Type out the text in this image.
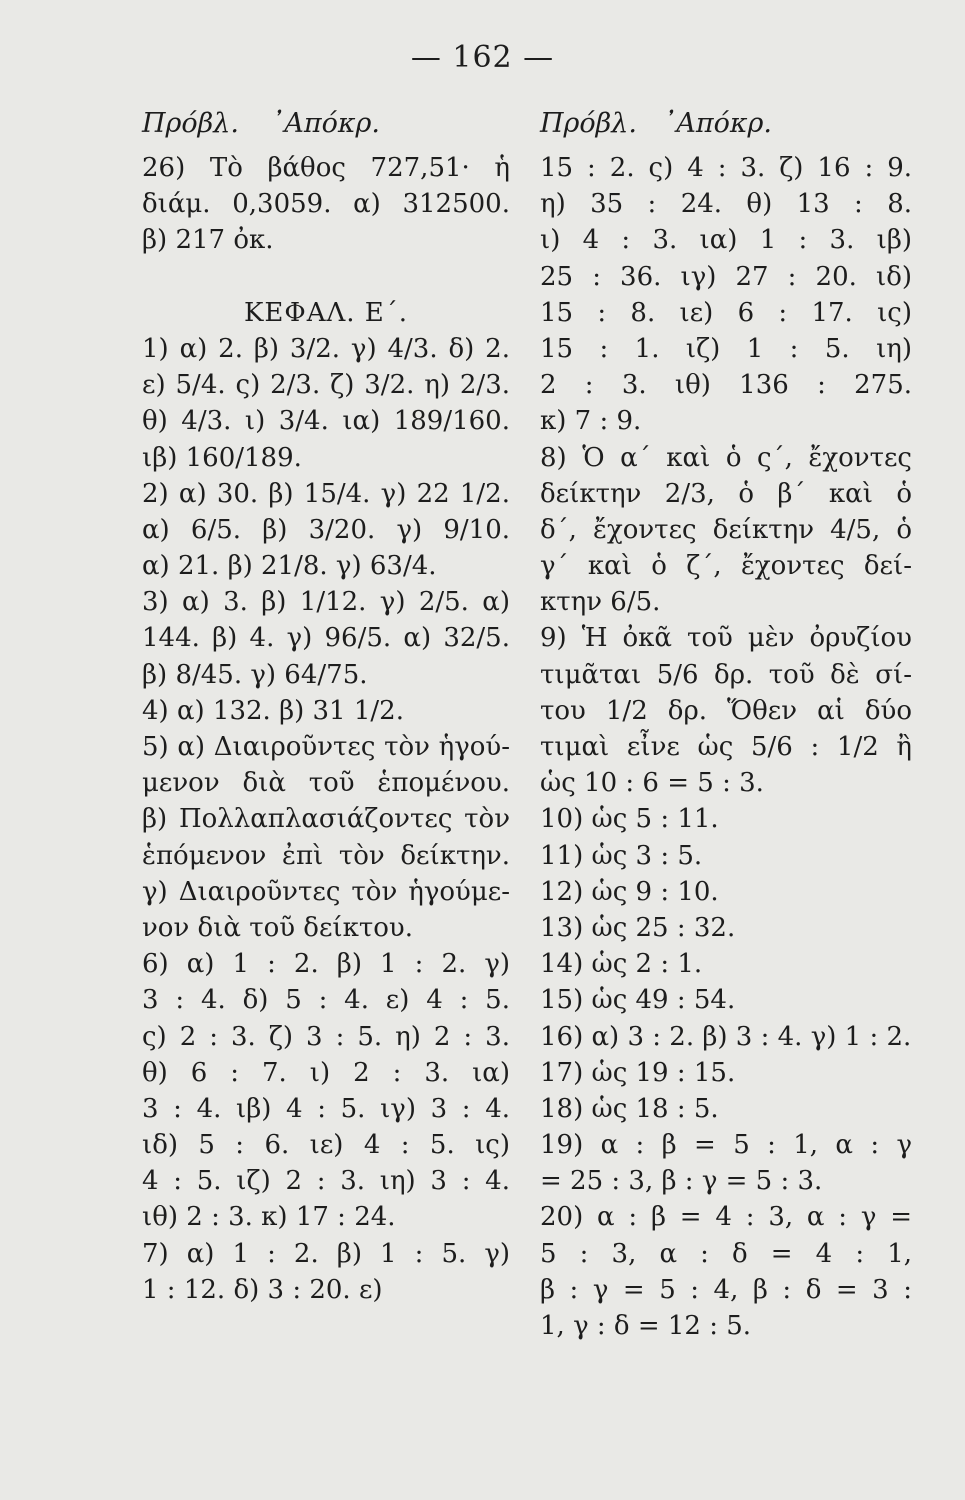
— 162 —
Πρόβλ. ᾽Απόκρ.
26) Τὸ βάθος 727,51· ἡ
διάμ. 0,3059. α) 312500.
β) 217 ὀκ.
ΚΕΦΑΛ. Ε΄.
1) α) 2. β) 3/2. γ) 4/3. δ) 2.
ε) 5/4. ς) 2/3. ζ) 3/2. η) 2/3.
θ) 4/3. ι) 3/4. ια) 189/160.
ιβ) 160/189.
2) α) 30. β) 15/4. γ) 22 1/2.
α) 6/5. β) 3/20. γ) 9/10.
α) 21. β) 21/8. γ) 63/4.
3) α) 3. β) 1/12. γ) 2/5. α)
144. β) 4. γ) 96/5. α) 32/5.
β) 8/45. γ) 64/75.
4) α) 132. β) 31 1/2.
5) α) Διαιροῦντες τὸν ἡγού-
μενον διὰ τοῦ ἑπομένου.
β) Πολλαπλασιάζοντες τὸν
ἑπόμενον ἐπὶ τὸν δείκτην.
γ) Διαιροῦντες τὸν ἡγούμε-
νον διὰ τοῦ δείκτου.
6) α) 1 : 2. β) 1 : 2. γ)
3 : 4. δ) 5 : 4. ε) 4 : 5.
ς) 2 : 3. ζ) 3 : 5. η) 2 : 3.
θ) 6 : 7. ι) 2 : 3. ια)
3 : 4. ιβ) 4 : 5. ιγ) 3 : 4.
ιδ) 5 : 6. ιε) 4 : 5. ις)
4 : 5. ιζ) 2 : 3. ιη) 3 : 4.
ιθ) 2 : 3. κ) 17 : 24.
7) α) 1 : 2. β) 1 : 5. γ)
1 : 12. δ) 3 : 20. ε)
Πρόβλ. ᾽Απόκρ.
15 : 2. ς) 4 : 3. ζ) 16 : 9.
η) 35 : 24. θ) 13 : 8.
ι) 4 : 3. ια) 1 : 3. ιβ)
25 : 36. ιγ) 27 : 20. ιδ)
15 : 8. ιε) 6 : 17. ις)
15 : 1. ιζ) 1 : 5. ιη)
2 : 3. ιθ) 136 : 275.
κ) 7 : 9.
8) Ὁ α΄ καὶ ὁ ς΄, ἔχοντες
δείκτην 2/3, ὁ β΄ καὶ ὁ
δ΄, ἔχοντες δείκτην 4/5, ὁ
γ΄ καὶ ὁ ζ΄, ἔχοντες δεί-
κτην 6/5.
9) Ἡ ὀκᾶ τοῦ μὲν ὀρυζίου
τιμᾶται 5/6 δρ. τοῦ δὲ σί-
του 1/2 δρ. Ὅθεν αἱ δύο
τιμαὶ εἶνε ὡς 5/6 : 1/2 ἢ
ὡς 10 : 6 = 5 : 3.
10) ὡς 5 : 11.
11) ὡς 3 : 5.
12) ὡς 9 : 10.
13) ὡς 25 : 32.
14) ὡς 2 : 1.
15) ὡς 49 : 54.
16) α) 3 : 2. β) 3 : 4. γ) 1 : 2.
17) ὡς 19 : 15.
18) ὡς 18 : 5.
19) α : β = 5 : 1, α : γ
= 25 : 3, β : γ = 5 : 3.
20) α : β = 4 : 3, α : γ =
5 : 3, α : δ = 4 : 1,
β : γ = 5 : 4, β : δ = 3 :
1, γ : δ = 12 : 5.
